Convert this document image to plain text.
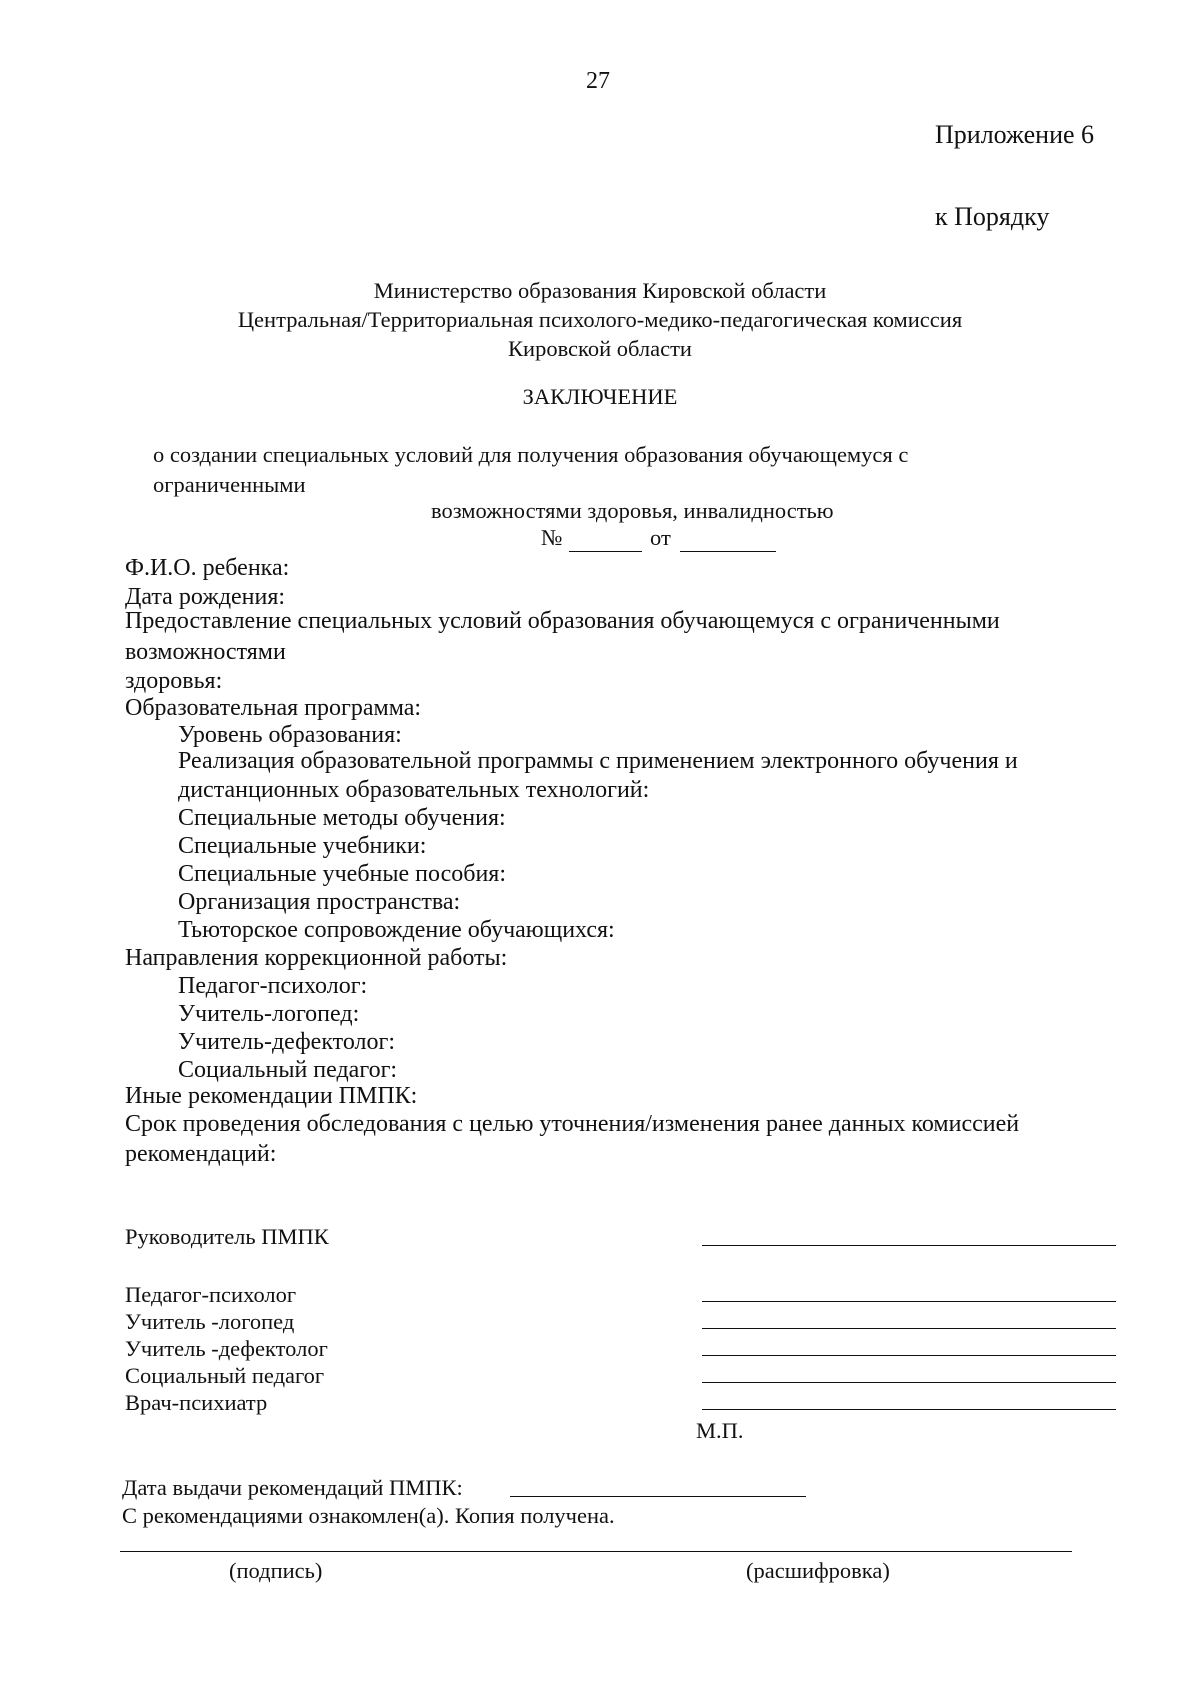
27
Приложение 6
к Порядку
Министерство образования Кировской области
Центральная/Территориальная психолого-медико-педагогическая комиссия
Кировской области
ЗАКЛЮЧЕНИЕ
о создании специальных условий для получения образования обучающемуся с
ограниченными
возможностями здоровья, инвалидностью
№	от
Ф.И.О. ребенка:
Дата рождения:
Предоставление специальных условий образования обучающемуся с ограниченными
возможностями
здоровья:
Образовательная программа:
Уровень образования:
Реализация образовательной программы с применением электронного обучения и
дистанционных образовательных технологий:
Специальные методы обучения:
Специальные учебники:
Специальные учебные пособия:
Организация пространства:
Тьюторское сопровождение обучающихся:
Направления коррекционной работы:
Педагог-психолог:
Учитель-логопед:
Учитель-дефектолог:
Социальный педагог:
Иные рекомендации ПМПК:
Срок проведения обследования с целью уточнения/изменения ранее данных комиссией
рекомендаций:
Руководитель ПМПК
Педагог-психолог
Учитель -логопед
Учитель -дефектолог
Социальный педагог
Врач-психиатр
М.П.
Дата выдачи рекомендаций ПМПК:
С рекомендациями ознакомлен(а). Копия получена.
(подпись)	(расшифровка)
